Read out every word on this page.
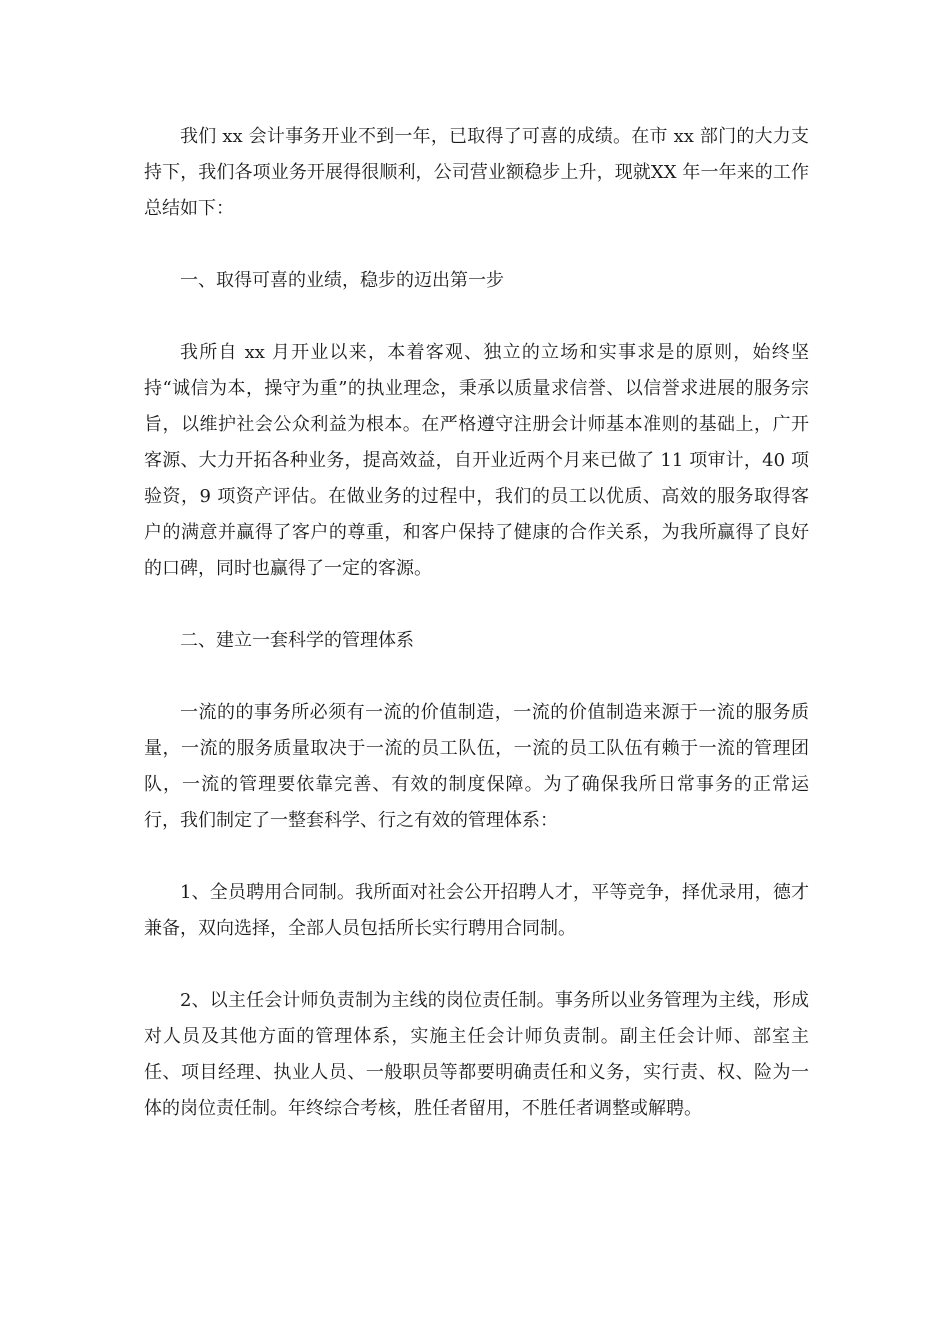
我们 xx 会计事务开业不到一年，已取得了可喜的成绩。在市 xx 部门的大力支持下，我们各项业务开展得很顺利，公司营业额稳步上升，现就XX 年一年来的工作总结如下：

一、取得可喜的业绩，稳步的迈出第一步

我所自 xx 月开业以来，本着客观、独立的立场和实事求是的原则，始终坚持“诚信为本，操守为重”的执业理念，秉承以质量求信誉、以信誉求进展的服务宗旨，以维护社会公众利益为根本。在严格遵守注册会计师基本准则的基础上，广开客源、大力开拓各种业务，提高效益，自开业近两个月来已做了 11 项审计，40 项验资，9 项资产评估。在做业务的过程中，我们的员工以优质、高效的服务取得客户的满意并赢得了客户的尊重，和客户保持了健康的合作关系，为我所赢得了良好的口碑，同时也赢得了一定的客源。

二、建立一套科学的管理体系

一流的的事务所必须有一流的价值制造，一流的价值制造来源于一流的服务质量，一流的服务质量取决于一流的员工队伍，一流的员工队伍有赖于一流的管理团队，一流的管理要依靠完善、有效的制度保障。为了确保我所日常事务的正常运行，我们制定了一整套科学、行之有效的管理体系：

1、全员聘用合同制。我所面对社会公开招聘人才，平等竞争，择优录用，德才兼备，双向选择，全部人员包括所长实行聘用合同制。

2、以主任会计师负责制为主线的岗位责任制。事务所以业务管理为主线，形成对人员及其他方面的管理体系，实施主任会计师负责制。副主任会计师、部室主任、项目经理、执业人员、一般职员等都要明确责任和义务，实行责、权、险为一体的岗位责任制。年终综合考核，胜任者留用，不胜任者调整或解聘。
